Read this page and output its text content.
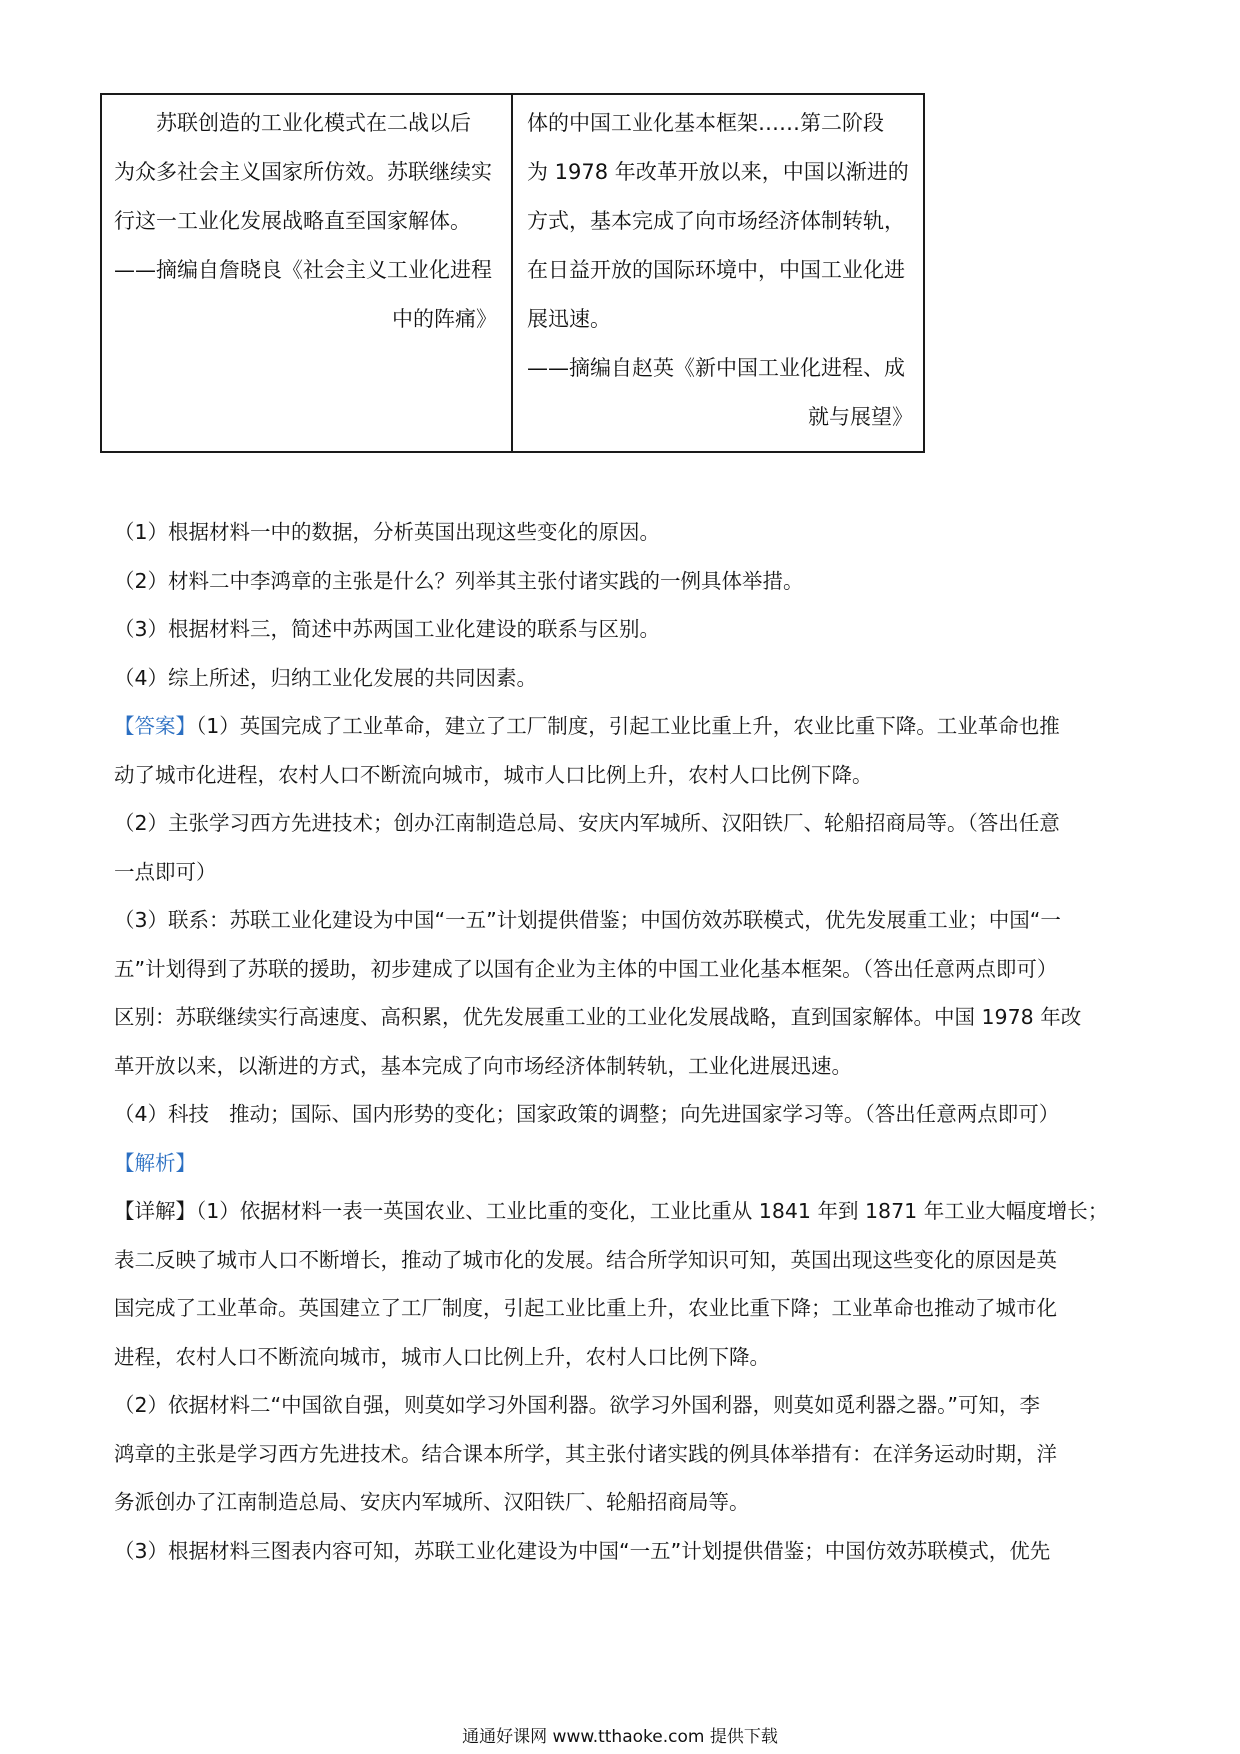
苏联创造的工业化模式在二战以后
为众多社会主义国家所仿效。苏联继续实
行这一工业化发展战略直至国家解体。
——摘编自詹晓良《社会主义工业化进程
中的阵痛》
体的中国工业化基本框架……第二阶段
为 1978 年改革开放以来，中国以渐进的
方式，基本完成了向市场经济体制转轨，
在日益开放的国际环境中，中国工业化进
展迅速。
——摘编自赵英《新中国工业化进程、成
就与展望》
（1）根据材料一中的数据，分析英国出现这些变化的原因。
（2）材料二中李鸿章的主张是什么？列举其主张付诸实践的一例具体举措。
（3）根据材料三，简述中苏两国工业化建设的联系与区别。
（4）综上所述，归纳工业化发展的共同因素。
【答案】（1）英国完成了工业革命，建立了工厂制度，引起工业比重上升，农业比重下降。工业革命也推
动了城市化进程，农村人口不断流向城市，城市人口比例上升，农村人口比例下降。
（2）主张学习西方先进技术；创办江南制造总局、安庆内军城所、汉阳铁厂、轮船招商局等。（答出任意
一点即可）
（3）联系：苏联工业化建设为中国“一五”计划提供借鉴；中国仿效苏联模式，优先发展重工业；中国“一
五”计划得到了苏联的援助，初步建成了以国有企业为主体的中国工业化基本框架。（答出任意两点即可）
区别：苏联继续实行高速度、高积累，优先发展重工业的工业化发展战略，直到国家解体。中国 1978 年改
革开放以来，以渐进的方式，基本完成了向市场经济体制转轨，工业化进展迅速。
（4）科技 推动；国际、国内形势的变化；国家政策的调整；向先进国家学习等。（答出任意两点即可）
【解析】
【详解】（1）依据材料一表一英国农业、工业比重的变化，工业比重从 1841 年到 1871 年工业大幅度增长；
表二反映了城市人口不断增长，推动了城市化的发展。结合所学知识可知，英国出现这些变化的原因是英
国完成了工业革命。英国建立了工厂制度，引起工业比重上升，农业比重下降；工业革命也推动了城市化
进程，农村人口不断流向城市，城市人口比例上升，农村人口比例下降。
（2）依据材料二“中国欲自强，则莫如学习外国利器。欲学习外国利器，则莫如觅利器之器。”可知，李
鸿章的主张是学习西方先进技术。结合课本所学，其主张付诸实践的例具体举措有：在洋务运动时期，洋
务派创办了江南制造总局、安庆内军城所、汉阳铁厂、轮船招商局等。
（3）根据材料三图表内容可知，苏联工业化建设为中国“一五”计划提供借鉴；中国仿效苏联模式，优先
通通好课网 www.tthaoke.com 提供下载
